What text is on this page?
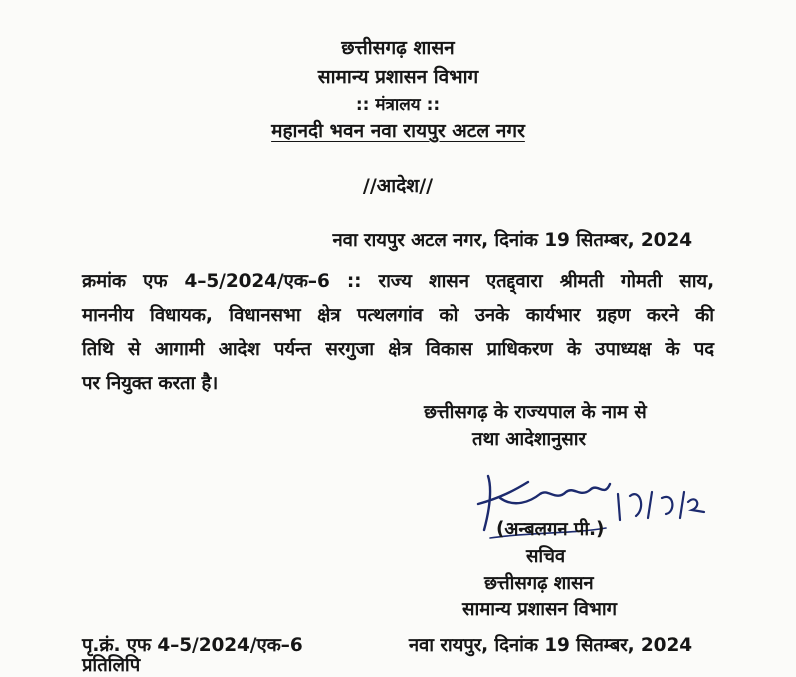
छत्तीसगढ़ शासन
सामान्य प्रशासन विभाग
:: मंत्रालय ::
महानदी भवन नवा रायपुर अटल नगर
//आदेश//
नवा रायपुर अटल नगर, दिनांक 19 सितम्बर, 2024
क्रमांक एफ 4–5/2024/एक–6 :: राज्य शासन एतद्द्वारा श्रीमती गोमती साय,
माननीय विधायक, विधानसभा क्षेत्र पत्थलगांव को उनके कार्यभार ग्रहण करने की
तिथि से आगामी आदेश पर्यन्त सरगुजा क्षेत्र विकास प्राधिकरण के उपाध्यक्ष के पद
पर नियुक्त करता है।
छत्तीसगढ़ के राज्यपाल के नाम से
तथा आदेशानुसार
(अन्बलगन पी.)
सचिव
छत्तीसगढ़ शासन
सामान्य प्रशासन विभाग
पृ.क्रं. एफ 4–5/2024/एक–6	नवा रायपुर, दिनांक 19 सितम्बर, 2024
प्रतिलिपि
